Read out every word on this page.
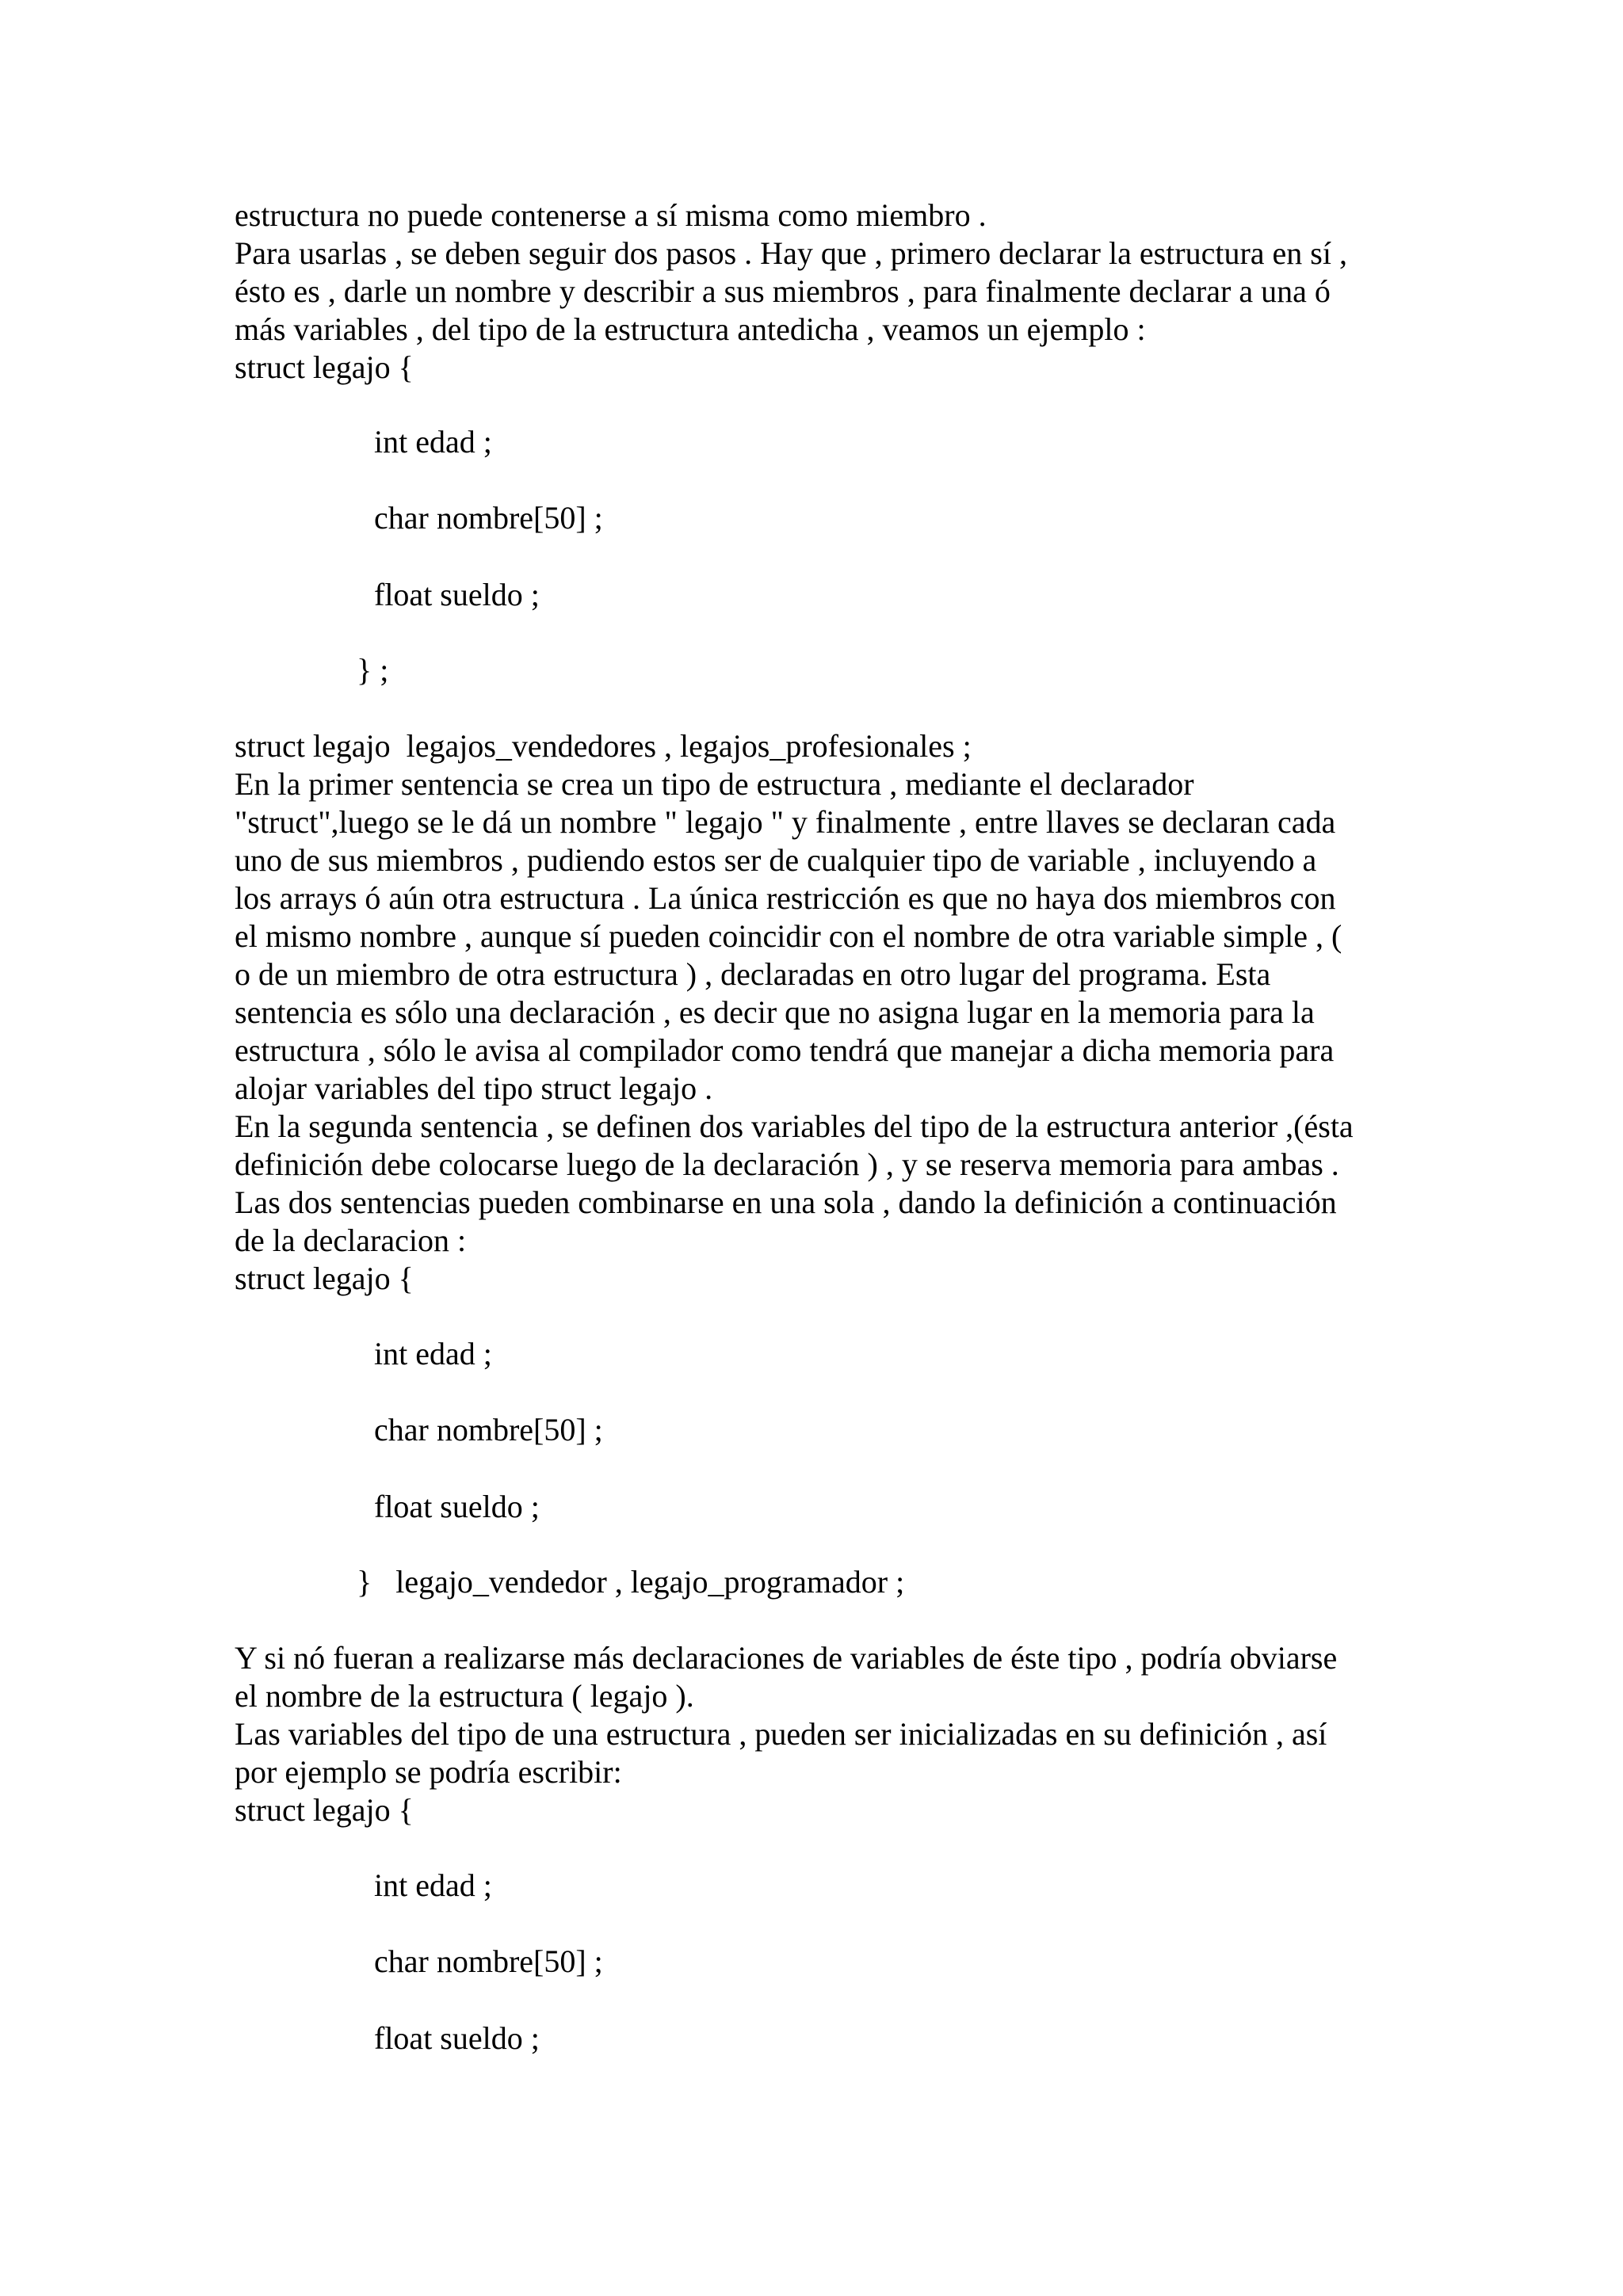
estructura no puede contenerse a sí misma como miembro .
Para usarlas , se deben seguir dos pasos . Hay que , primero declarar la estructura en sí ,
ésto es , darle un nombre y describir a sus miembros , para finalmente declarar a una ó
más variables , del tipo de la estructura antedicha , veamos un ejemplo :
struct legajo {
int edad ;
char nombre[50] ;
float sueldo ;
} ;
struct legajo  legajos_vendedores , legajos_profesionales ;
En la primer sentencia se crea un tipo de estructura , mediante el declarador
"struct",luego se le dá un nombre " legajo " y finalmente , entre llaves se declaran cada
uno de sus miembros , pudiendo estos ser de cualquier tipo de variable , incluyendo a
los arrays ó aún otra estructura . La única restricción es que no haya dos miembros con
el mismo nombre , aunque sí pueden coincidir con el nombre de otra variable simple , (
o de un miembro de otra estructura ) , declaradas en otro lugar del programa. Esta
sentencia es sólo una declaración , es decir que no asigna lugar en la memoria para la
estructura , sólo le avisa al compilador como tendrá que manejar a dicha memoria para
alojar variables del tipo struct legajo .
En la segunda sentencia , se definen dos variables del tipo de la estructura anterior ,(ésta
definición debe colocarse luego de la declaración ) , y se reserva memoria para ambas .
Las dos sentencias pueden combinarse en una sola , dando la definición a continuación
de la declaracion :
struct legajo {
int edad ;
char nombre[50] ;
float sueldo ;
}   legajo_vendedor , legajo_programador ;
Y si nó fueran a realizarse más declaraciones de variables de éste tipo , podría obviarse
el nombre de la estructura ( legajo ).
Las variables del tipo de una estructura , pueden ser inicializadas en su definición , así
por ejemplo se podría escribir:
struct legajo {
int edad ;
char nombre[50] ;
float sueldo ;
